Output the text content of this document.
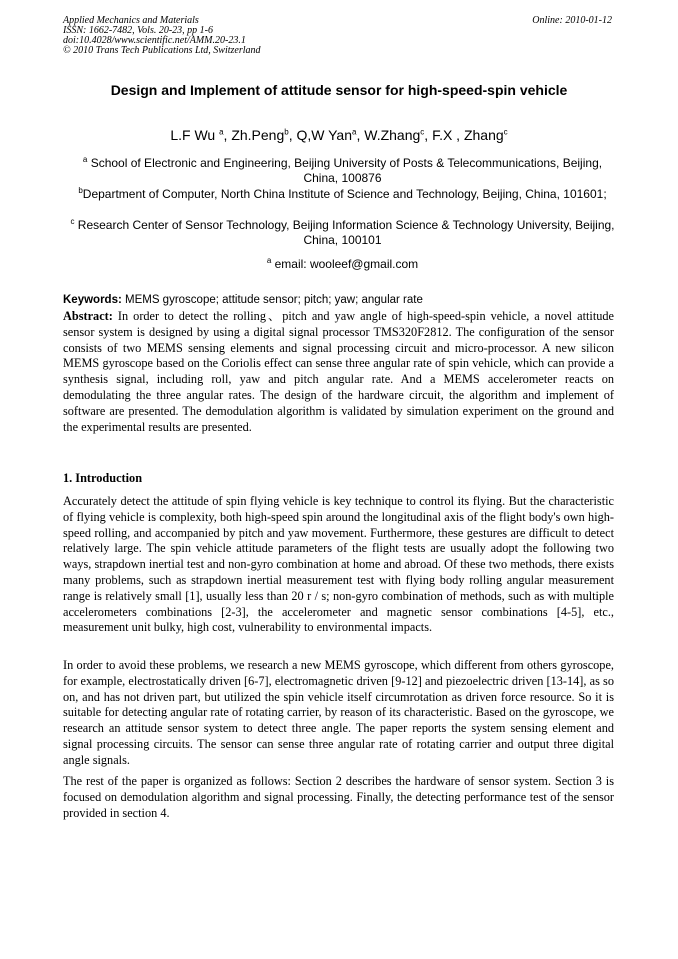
Applied Mechanics and Materials
ISSN: 1662-7482, Vols. 20-23, pp 1-6
doi:10.4028/www.scientific.net/AMM.20-23.1
© 2010 Trans Tech Publications Ltd, Switzerland
Online: 2010-01-12
Design and Implement of attitude sensor for high-speed-spin vehicle
L.F Wu $^a$, Zh.Peng$^b$, Q,W Yan$^a$, W.Zhang$^c$, F.X , Zhang$^c$
$^a$ School of Electronic and Engineering, Beijing University of Posts & Telecommunications, Beijing, China, 100876
$^b$Department of Computer, North China Institute of Science and Technology, Beijing, China, 101601;
$^c$ Research Center of Sensor Technology, Beijing Information Science & Technology University, Beijing, China, 100101
$^a$ email: wooleef@gmail.com
Keywords: MEMS gyroscope; attitude sensor; pitch; yaw; angular rate
Abstract: In order to detect the rolling、pitch and yaw angle of high-speed-spin vehicle, a novel attitude sensor system is designed by using a digital signal processor TMS320F2812. The configuration of the sensor consists of two MEMS sensing elements and signal processing circuit and micro-processor. A new silicon MEMS gyroscope based on the Coriolis effect can sense three angular rate of spin vehicle, which can provide a synthesis signal, including roll, yaw and pitch angular rate. And a MEMS accelerometer reacts on demodulating the three angular rates. The design of the hardware circuit, the algorithm and implement of software are presented. The demodulation algorithm is validated by simulation experiment on the ground and the experimental results are presented.
1. Introduction
Accurately detect the attitude of spin flying vehicle is key technique to control its flying. But the characteristic of flying vehicle is complexity, both high-speed spin around the longitudinal axis of the flight body's own high-speed rolling, and accompanied by pitch and yaw movement. Furthermore, these gestures are difficult to detect relatively large. The spin vehicle attitude parameters of the flight tests are usually adopt the following two ways, strapdown inertial test and non-gyro combination at home and abroad. Of these two methods, there exists many problems, such as strapdown inertial measurement test with flying body rolling angular measurement range is relatively small [1], usually less than 20 r / s; non-gyro combination of methods, such as with multiple accelerometers combinations [2-3], the accelerometer and magnetic sensor combinations [4-5], etc., measurement unit bulky, high cost, vulnerability to environmental impacts.
In order to avoid these problems, we research a new MEMS gyroscope, which different from others gyroscope, for example, electrostatically driven [6-7], electromagnetic driven [9-12] and piezoelectric driven [13-14], as so on, and has not driven part, but utilized the spin vehicle itself circumrotation as driven force resource. So it is suitable for detecting angular rate of rotating carrier, by reason of its characteristic. Based on the gyroscope, we research an attitude sensor system to detect three angle. The paper reports the system sensing element and signal processing circuits. The sensor can sense three angular rate of rotating carrier and output three digital angle signals.
The rest of the paper is organized as follows: Section 2 describes the hardware of sensor system. Section 3 is focused on demodulation algorithm and signal processing. Finally, the detecting performance test of the sensor provided in section 4.
